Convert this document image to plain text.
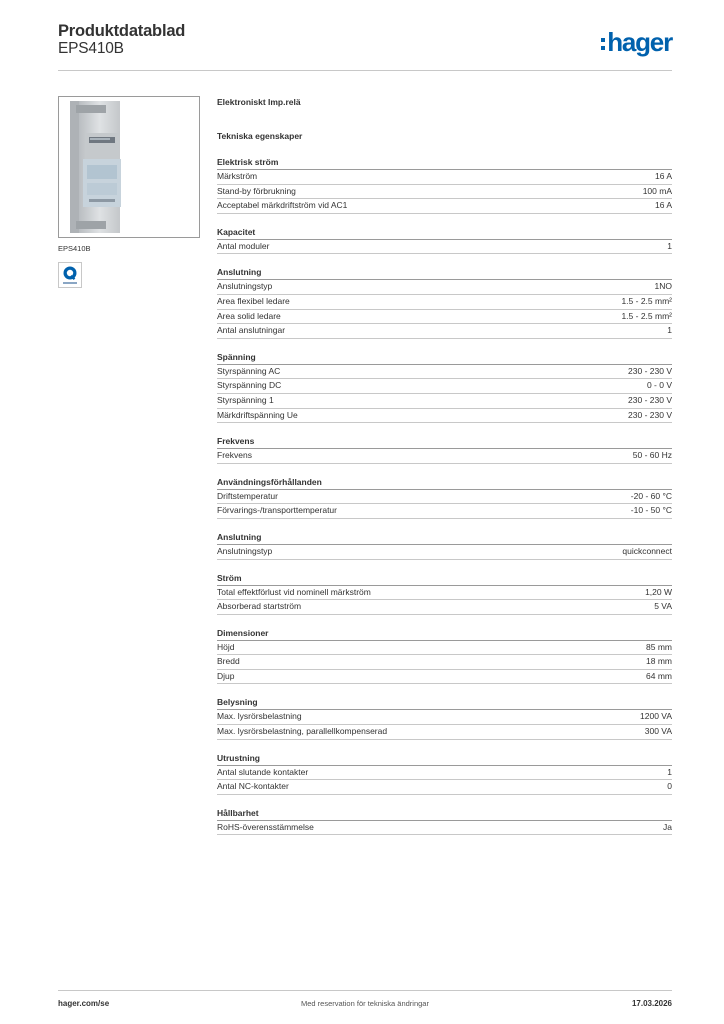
Produktdatablad
EPS410B	hager
EPS410B
Elektroniskt Imp.relä
Tekniska egenskaper
Elektrisk ström
Märkström	16 A
Stand-by förbrukning	100 mA
Acceptabel märkdriftström vid AC1	16 A
Kapacitet
Antal moduler	1
Anslutning
Anslutningstyp	1NO
Area flexibel ledare	1.5 - 2.5 mm²
Area solid ledare	1.5 - 2.5 mm²
Antal anslutningar	1
Spänning
Styrspänning AC	230 - 230 V
Styrspänning DC	0 - 0 V
Styrspänning 1	230 - 230 V
Märkdriftspänning Ue	230 - 230 V
Frekvens
Frekvens	50 - 60 Hz
Användningsförhållanden
Driftstemperatur	-20 - 60 °C
Förvarings-/transporttemperatur	-10 - 50 °C
Anslutning
Anslutningstyp	quickconnect
Ström
Total effektförlust vid nominell märkström	1,20 W
Absorberad startström	5 VA
Dimensioner
Höjd	85 mm
Bredd	18 mm
Djup	64 mm
Belysning
Max. lysrörsbelastning	1200 VA
Max. lysrörsbelastning, parallellkompenserad	300 VA
Utrustning
Antal slutande kontakter	1
Antal NC-kontakter	0
Hållbarhet
RoHS-överensstämmelse	Ja
hager.com/se	Med reservation för tekniska ändringar	17.03.2026
